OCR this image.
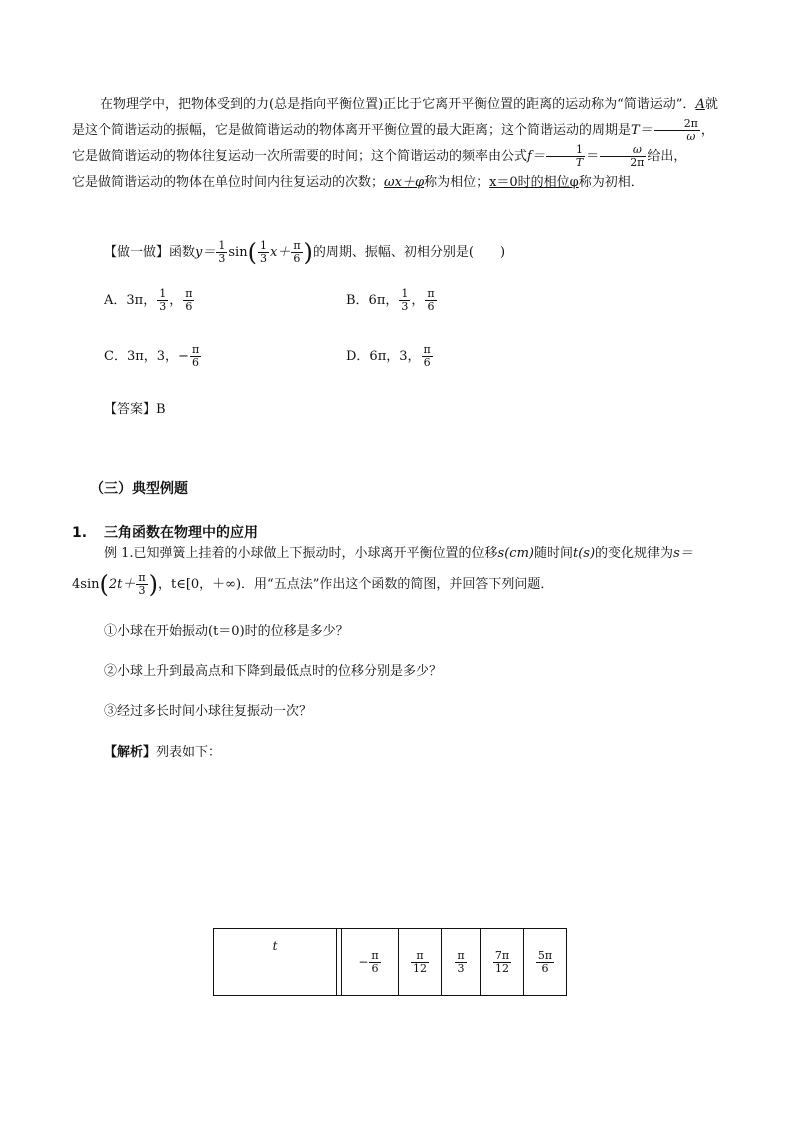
在物理学中，把物体受到的力(总是指向平衡位置)正比于它离开平衡位置的距离的运动称为“简谐运动”．A就是这个简谐运动的振幅，它是做简谐运动的物体离开平衡位置的最大距离；这个简谐运动的周期是$T= \frac{2\pi}{\omega}$ ，它是做简谐运动的物体往复运动一次所需要的时间；这个简谐运动的频率由公式$f= \frac{1}{T} = \frac{\omega}{2\pi}$ 给出，
它是做简谐运动的物体在单位时间内往复运动的次数；ωx＋φ称为相位；x＝0时的相位φ称为初相．
【做一做】函数$y= \frac{1}{3} \sin( \frac{1}{3} x+ \frac{\pi}{6}$ )的周期、振幅、初相分别是(　　)
A．3π， $\frac{1}{3}$ ， $\frac{\pi}{6}$	B．6π， $\frac{1}{3}$ ， $\frac{\pi}{6}$
C．3π，3，− $\frac{\pi}{6}$	D．6π，3， $\frac{\pi}{6}$
【答案】B
（三）典型例题
1. 三角函数在物理中的应用
例 1.已知弹簧上挂着的小球做上下振动时，小球离开平衡位置的位移s(cm)随时间t(s)的变化规律为s＝
$4\sin(2t+ \frac{\pi}{3}$ )，t∈[0，＋∞)．用“五点法”作出这个函数的简图，并回答下列问题．
①小球在开始振动(t＝0)时的位移是多少？
②小球上升到最高点和下降到最低点时的位移分别是多少？
③经过多长时间小球往复振动一次？
【解析】列表如下：
t		− $\frac{\pi}{6}$	$\frac{\pi}{12}$	$\frac{\pi}{3}$	$\frac{7\pi}{12}$	$\frac{5\pi}{6}$
